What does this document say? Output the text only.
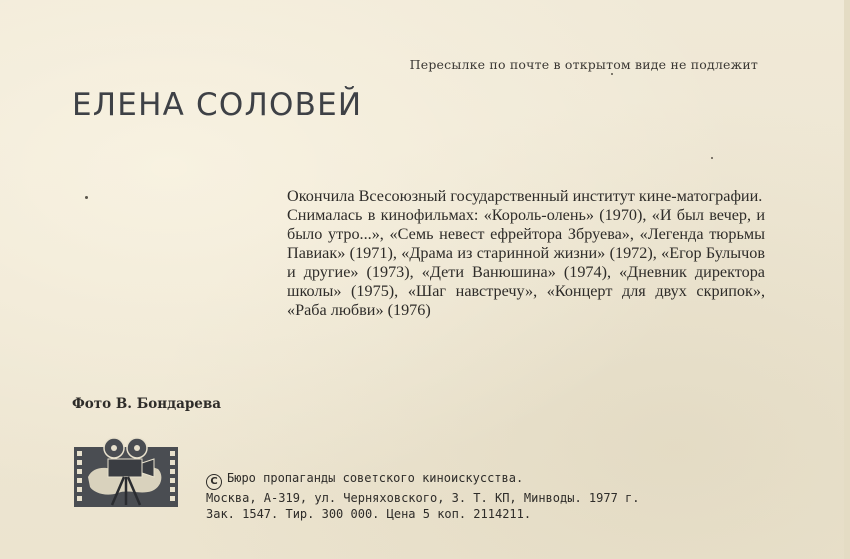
Пересылке по почте в открытом виде не подлежит
ЕЛЕНА СОЛОВЕЙ

Окончила Всесоюзный государственный институт кине-матографии.

Снималась в кинофильмах: «Король-олень» (1970), «И был вечер, и было утро...», «Семь невест ефрейтора Збруева», «Легенда тюрьмы Павиак» (1971), «Драма из старинной жизни» (1972), «Егор Булычов и другие» (1973), «Дети Ванюшина» (1974), «Дневник директора школы» (1975), «Шаг навстречу», «Концерт для двух скрипок», «Раба любви» (1976)

Фото В. Бондарева
C Бюро пропаганды советского киноискусства.
Москва, А-319, ул. Черняховского, 3. Т. КП, Минводы. 1977 г.
Зак. 1547. Тир. 300 000. Цена 5 коп. 2114211.
